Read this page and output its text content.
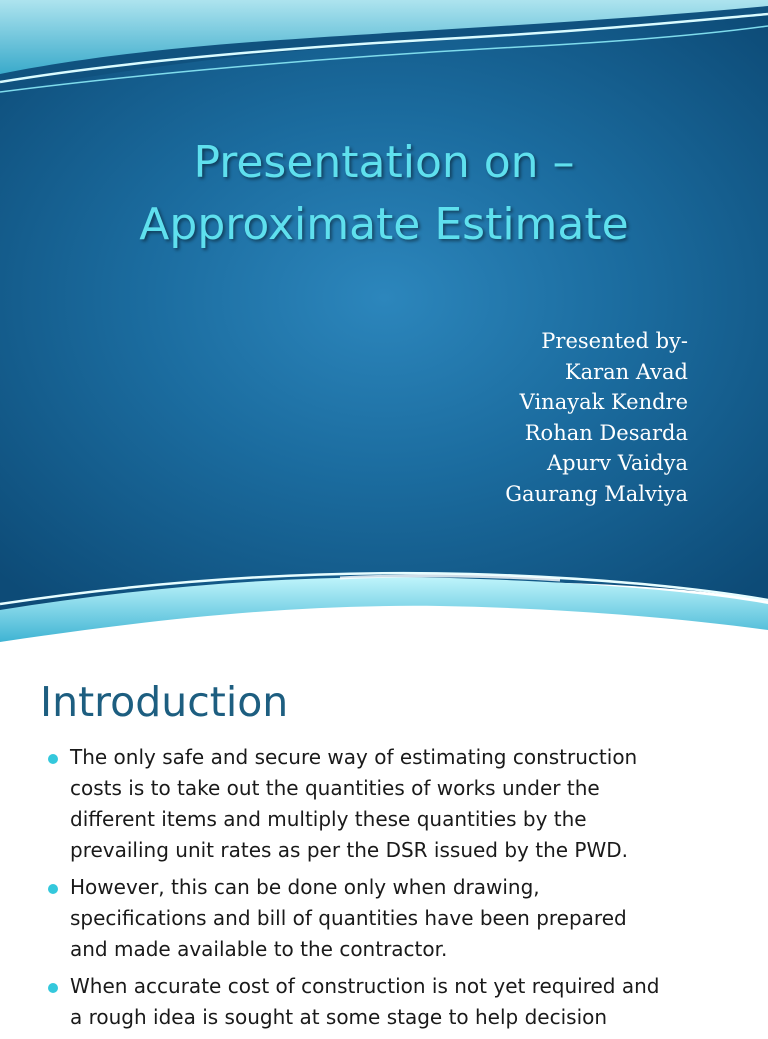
Presentation on –
Approximate Estimate
Presented by-
Karan Avad
Vinayak Kendre
Rohan Desarda
Apurv Vaidya
Gaurang Malviya
Introduction
The only safe and secure way of estimating construction
costs is to take out the quantities of works under the
different items and multiply these quantities by the
prevailing unit rates as per the DSR issued by the PWD.
However, this can be done only when drawing,
specifications and bill of quantities have been prepared
and made available to the contractor.
When accurate cost of construction is not yet required and
a rough idea is sought at some stage to help decision
